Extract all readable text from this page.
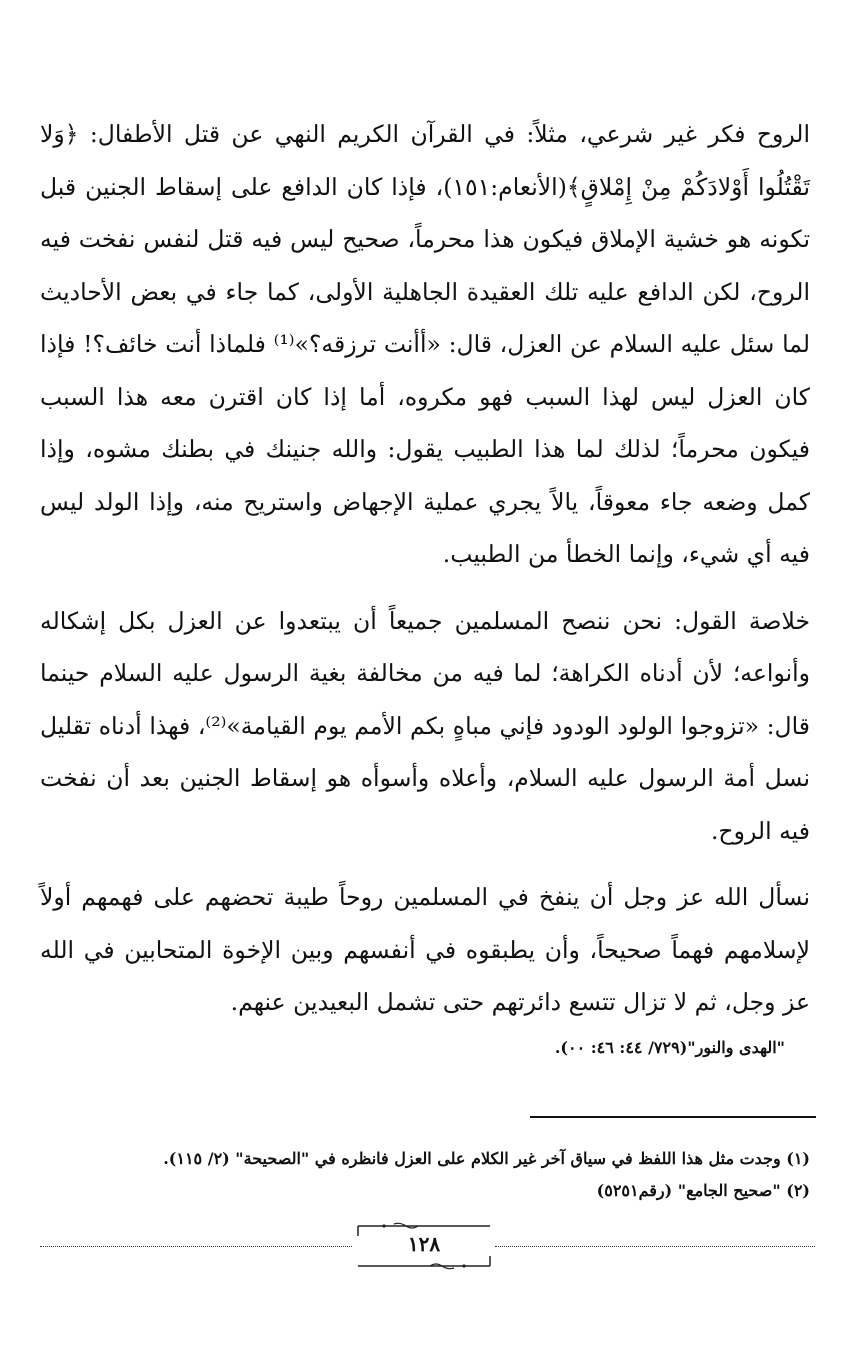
الروح فكر غير شرعي، مثلاً: في القرآن الكريم النهي عن قتل الأطفال: ﴿وَلا تَقْتُلُوا أَوْلادَكُمْ مِنْ إِمْلاقٍ﴾(الأنعام:١٥١)، فإذا كان الدافع على إسقاط الجنين قبل تكونه هو خشية الإملاق فيكون هذا محرماً، صحيح ليس فيه قتل لنفس نفخت فيه الروح، لكن الدافع عليه تلك العقيدة الجاهلية الأولى، كما جاء في بعض الأحاديث لما سئل عليه السلام عن العزل، قال: «أأنت ترزقه؟»⁽¹⁾ فلماذا أنت خائف؟! فإذا كان العزل ليس لهذا السبب فهو مكروه، أما إذا كان اقترن معه هذا السبب فيكون محرماً؛ لذلك لما هذا الطبيب يقول: والله جنينك في بطنك مشوه، وإذا كمل وضعه جاء معوقاً، يالاً يجري عملية الإجهاض واستريح منه، وإذا الولد ليس فيه أي شيء، وإنما الخطأ من الطبيب.

خلاصة القول: نحن ننصح المسلمين جميعاً أن يبتعدوا عن العزل بكل إشكاله وأنواعه؛ لأن أدناه الكراهة؛ لما فيه من مخالفة بغية الرسول عليه السلام حينما قال: «تزوجوا الولود الودود فإني مباهٍ بكم الأمم يوم القيامة»⁽²⁾، فهذا أدناه تقليل نسل أمة الرسول عليه السلام، وأعلاه وأسوأه هو إسقاط الجنين بعد أن نفخت فيه الروح.

نسأل الله عز وجل أن ينفخ في المسلمين روحاً طيبة تحضهم على فهمهم أولاً لإسلامهم فهماً صحيحاً، وأن يطبقوه في أنفسهم وبين الإخوة المتحابين في الله عز وجل، ثم لا تزال تتسع دائرتهم حتى تشمل البعيدين عنهم.

"الهدى والنور"(٧٢٩/ ٤٤: ٤٦: ٠٠).

(١) وجدت مثل هذا اللفظ في سياق آخر غير الكلام على العزل فانظره في "الصحيحة" (٢/ ١١٥).

(٢) "صحيح الجامع" (رقم٥٢٥١)

١٢٨
